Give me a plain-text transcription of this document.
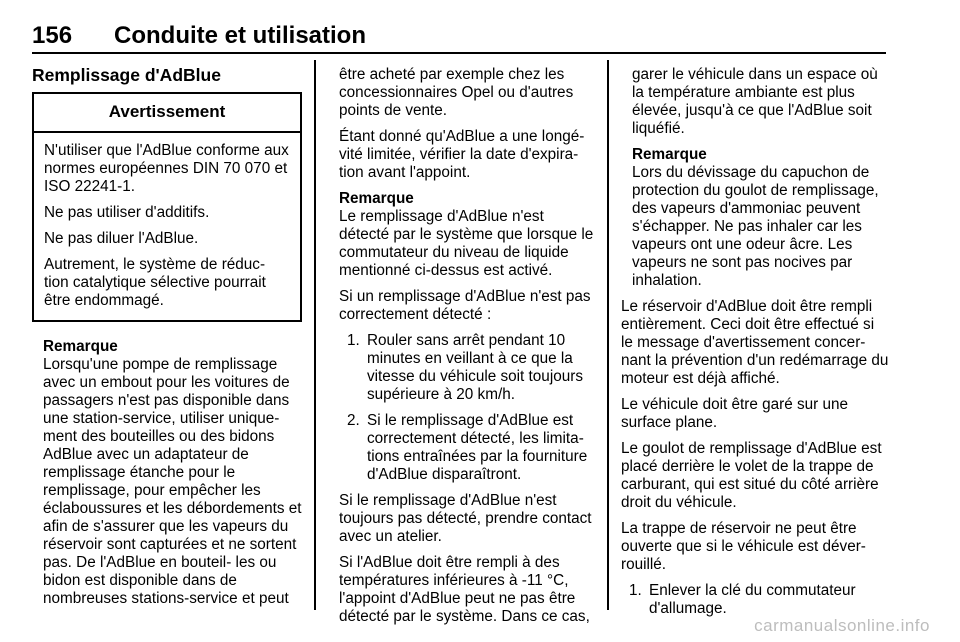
156 Conduite et utilisation
Remplissage d'AdBlue
Avertissement

N'utiliser que l'AdBlue conforme aux normes européennes DIN 70 070 et ISO 22241-1.

Ne pas utiliser d'additifs.

Ne pas diluer l'AdBlue.

Autrement, le système de réduc‐ tion catalytique sélective pourrait être endommagé.

Remarque
Lorsqu'une pompe de remplissage avec un embout pour les voitures de passagers n'est pas disponible dans une station-service, utiliser unique‐ ment des bouteilles ou des bidons AdBlue avec un adaptateur de remplissage étanche pour le remplissage, pour empêcher les éclaboussures et les débordements et afin de s'assurer que les vapeurs du réservoir sont capturées et ne sortent pas. De l'AdBlue en bouteil‐ les ou bidon est disponible dans de nombreuses stations-service et peut

être acheté par exemple chez les concessionnaires Opel ou d'autres points de vente.

Étant donné qu'AdBlue a une longé‐ vité limitée, vérifier la date d'expira‐ tion avant l'appoint.

Remarque
Le remplissage d'AdBlue n'est détecté par le système que lorsque le commutateur du niveau de liquide mentionné ci-dessus est activé.

Si un remplissage d'AdBlue n'est pas correctement détecté :

1. Rouler sans arrêt pendant 10 minutes en veillant à ce que la vitesse du véhicule soit toujours supérieure à 20 km/h.
2. Si le remplissage d'AdBlue est correctement détecté, les limita‐ tions entraînées par la fourniture d'AdBlue disparaîtront.

Si le remplissage d'AdBlue n'est toujours pas détecté, prendre contact avec un atelier.

Si l'AdBlue doit être rempli à des températures inférieures à -11 °C, l'appoint d'AdBlue peut ne pas être détecté par le système. Dans ce cas,

garer le véhicule dans un espace où la température ambiante est plus élevée, jusqu'à ce que l'AdBlue soit liquéfié.

Remarque
Lors du dévissage du capuchon de protection du goulot de remplissage, des vapeurs d'ammoniac peuvent s'échapper. Ne pas inhaler car les vapeurs ont une odeur âcre. Les vapeurs ne sont pas nocives par inhalation.

Le réservoir d'AdBlue doit être rempli entièrement. Ceci doit être effectué si le message d'avertissement concer‐ nant la prévention d'un redémarrage du moteur est déjà affiché.

Le véhicule doit être garé sur une surface plane.

Le goulot de remplissage d'AdBlue est placé derrière le volet de la trappe de carburant, qui est situé du côté arrière droit du véhicule.

La trappe de réservoir ne peut être ouverte que si le véhicule est déver‐ rouillé.

1. Enlever la clé du commutateur d'allumage.
carmanualsonline.info
